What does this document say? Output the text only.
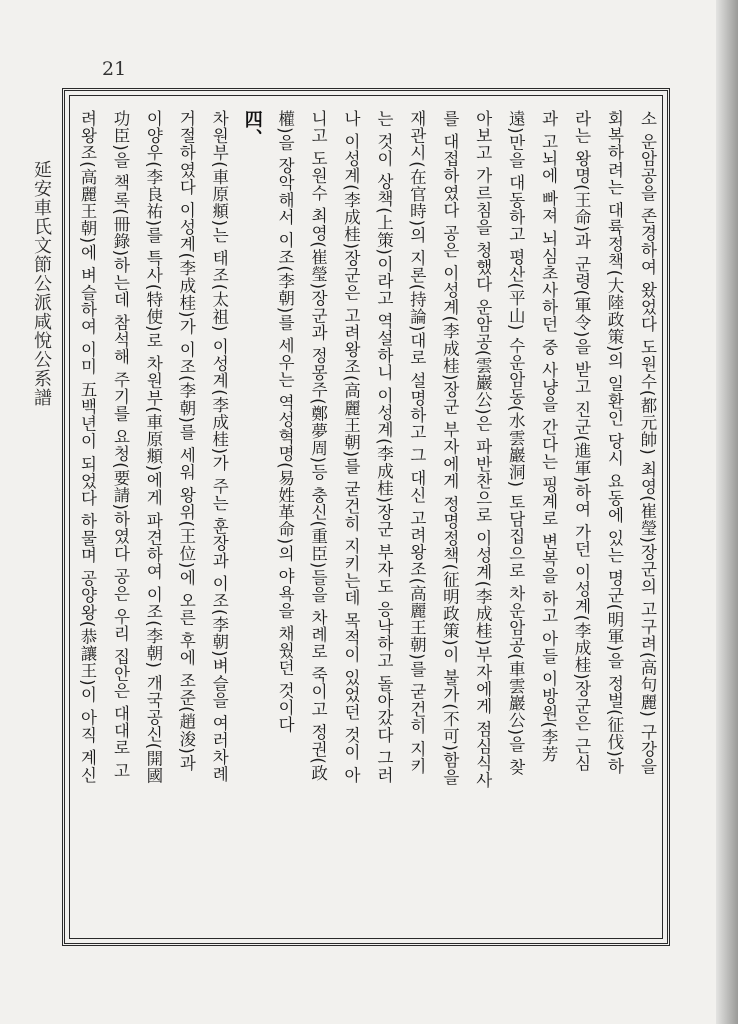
21
延安車氏文節公派咸悅公系譜	소 운암공을 존경하여 왔었다 도원수(都元帥) 최영(崔瑩)장군의 고구려(高句麗) 구강을
회복하려는 대륙정책(大陸政策)의 일환인 당시 요동에 있는 명군(明軍)을 정벌(征伐)하
라는 왕명(王命)과 군령(軍令)을 받고 진군(進軍)하여 가던 이성계(李成桂)장군은 근심
과 고뇌에 빠져 뇌심초사하던 중 사냥을 간다는 핑계로 변복을 하고 아들 이방원(李芳
遠)만을 대동하고 평산(平山) 수운암동(水雲巖洞) 토담집으로 차운암공(車雲巖公)을 찾
아보고 가르침을 청했다 운암공(雲巖公)은 파반찬으로 이성계(李成桂)부자에게 점심식사
를 대접하였다 공은 이성계(李成桂)장군 부자에게 정명정책(征明政策)이 불가(不可)함을
재관시(在官時)의 지론(持論)대로 설명하고 그 대신 고려왕조(高麗王朝)를 굳건히 지키
는 것이 상책(上策)이라고 역설하니 이성계(李成桂)장군 부자도 응낙하고 돌아갔다 그러
나 이성계(李成桂)장군은 고려왕조(高麗王朝)를 굳건히 지키는데 목적이 있었던 것이 아
니고 도원수 최영(崔瑩)장군과 정몽주(鄭夢周)등 충신(重臣)들을 차례로 죽이고 정권(政
權)을 장악해서 이조(李朝)를 세우는 역성혁명(易姓革命)의 야욕을 채웠던 것이다
四、
차원부(車原頫)는 태조(太祖) 이성계(李成桂)가 주는 훈장과 이조(李朝)벼슬을 여러차례
거절하였다 이성계(李成桂)가 이조(李朝)를 세워 왕위(王位)에 오른 후에 조준(趙浚)과
이양우(李良祐)를 특사(特使)로 차원부(車原頫)에게 파견하여 이조(李朝) 개국공신(開國
功臣)을 책록(冊錄)하는데 참석해 주기를 요청(要請)하였다 공은 우리 집안은 대대로 고
려왕조(高麗王朝)에 벼슬하여 이미 五백년이 되었다 하물며 공양왕(恭讓王)이 아직 계신
